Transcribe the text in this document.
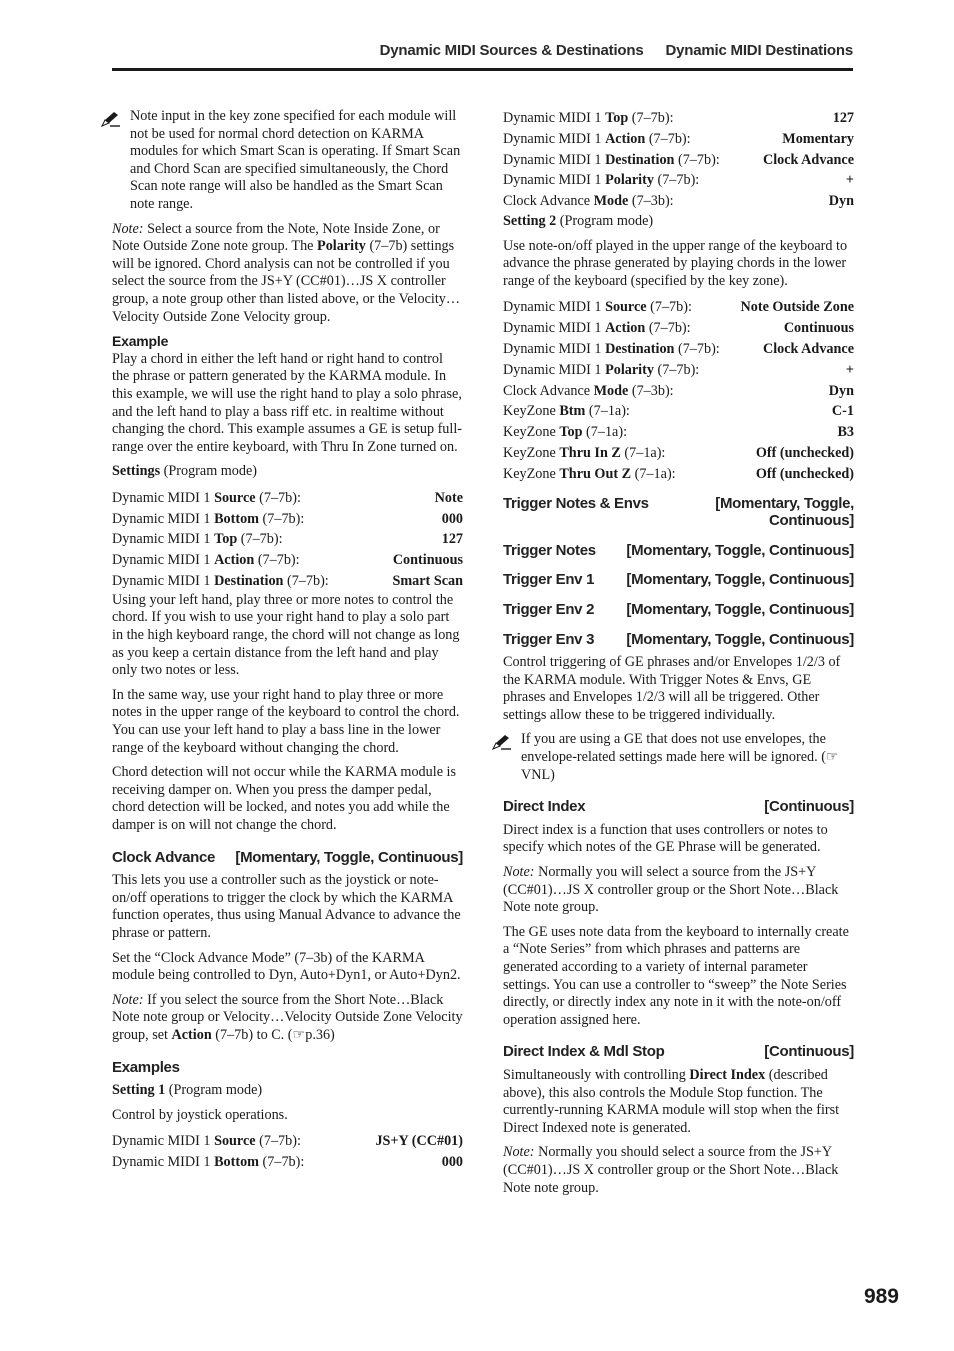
Dynamic MIDI Sources & Destinations Dynamic MIDI Destinations

Note input in the key zone specified for each module will not be used for normal chord detection on KARMA modules for which Smart Scan is operating. If Smart Scan and Chord Scan are specified simultaneously, the Chord Scan note range will also be handled as the Smart Scan note range.

Note: Select a source from the Note, Note Inside Zone, or Note Outside Zone note group. The Polarity (7–7b) settings will be ignored. Chord analysis can not be controlled if you select the source from the JS+Y (CC#01)…JS X controller group, a note group other than listed above, or the Velocity…Velocity Outside Zone Velocity group.

Example

Play a chord in either the left hand or right hand to control the phrase or pattern generated by the KARMA module. In this example, we will use the right hand to play a solo phrase, and the left hand to play a bass riff etc. in realtime without changing the chord. This example assumes a GE is setup full-range over the entire keyboard, with Thru In Zone turned on.

Settings (Program mode)

Dynamic MIDI 1 Source (7–7b):	Note
Dynamic MIDI 1 Bottom (7–7b):	000
Dynamic MIDI 1 Top (7–7b):	127
Dynamic MIDI 1 Action (7–7b):	Continuous
Dynamic MIDI 1 Destination (7–7b):	Smart Scan

Using your left hand, play three or more notes to control the chord. If you wish to use your right hand to play a solo part in the high keyboard range, the chord will not change as long as you keep a certain distance from the left hand and play only two notes or less.

In the same way, use your right hand to play three or more notes in the upper range of the keyboard to control the chord. You can use your left hand to play a bass line in the lower range of the keyboard without changing the chord.

Chord detection will not occur while the KARMA module is receiving damper on. When you press the damper pedal, chord detection will be locked, and notes you add while the damper is on will not change the chord.

Clock Advance [Momentary, Toggle, Continuous]

This lets you use a controller such as the joystick or note-on/off operations to trigger the clock by which the KARMA function operates, thus using Manual Advance to advance the phrase or pattern.

Set the “Clock Advance Mode” (7–3b) of the KARMA module being controlled to Dyn, Auto+Dyn1, or Auto+Dyn2.

Note: If you select the source from the Short Note…Black Note note group or Velocity…Velocity Outside Zone Velocity group, set Action (7–7b) to C. (☞p.36)

Examples

Setting 1 (Program mode)

Control by joystick operations.

Dynamic MIDI 1 Source (7–7b):	JS+Y (CC#01)
Dynamic MIDI 1 Bottom (7–7b):	000
Dynamic MIDI 1 Top (7–7b):	127
Dynamic MIDI 1 Action (7–7b):	Momentary
Dynamic MIDI 1 Destination (7–7b):	Clock Advance
Dynamic MIDI 1 Polarity (7–7b):	+
Clock Advance Mode (7–3b):	Dyn

Setting 2 (Program mode)

Use note-on/off played in the upper range of the keyboard to advance the phrase generated by playing chords in the lower range of the keyboard (specified by the key zone).

Dynamic MIDI 1 Source (7–7b):	Note Outside Zone
Dynamic MIDI 1 Action (7–7b):	Continuous
Dynamic MIDI 1 Destination (7–7b):	Clock Advance
Dynamic MIDI 1 Polarity (7–7b):	+
Clock Advance Mode (7–3b):	Dyn
KeyZone Btm (7–1a):	C-1
KeyZone Top (7–1a):	B3
KeyZone Thru In Z (7–1a):	Off (unchecked)
KeyZone Thru Out Z (7–1a):	Off (unchecked)
Trigger Notes & Envs	[Momentary, Toggle,
Continuous]
Trigger Notes [Momentary, Toggle, Continuous]
Trigger Env 1 [Momentary, Toggle, Continuous]
Trigger Env 2 [Momentary, Toggle, Continuous]
Trigger Env 3 [Momentary, Toggle, Continuous]

Control triggering of GE phrases and/or Envelopes 1/2/3 of the KARMA module. With Trigger Notes & Envs, GE phrases and Envelopes 1/2/3 will all be triggered. Other settings allow these to be triggered individually.

If you are using a GE that does not use envelopes, the envelope-related settings made here will be ignored. (☞VNL)

Direct Index	[Continuous]

Direct index is a function that uses controllers or notes to specify which notes of the GE Phrase will be generated.

Note: Normally you will select a source from the JS+Y (CC#01)…JS X controller group or the Short Note…Black Note note group.

The GE uses note data from the keyboard to internally create a “Note Series” from which phrases and patterns are generated according to a variety of internal parameter settings. You can use a controller to “sweep” the Note Series directly, or directly index any note in it with the note-on/off operation assigned here.

Direct Index & Mdl Stop	[Continuous]

Simultaneously with controlling Direct Index (described above), this also controls the Module Stop function. The currently-running KARMA module will stop when the first Direct Indexed note is generated.

Note: Normally you should select a source from the JS+Y (CC#01)…JS X controller group or the Short Note…Black Note note group.

989
